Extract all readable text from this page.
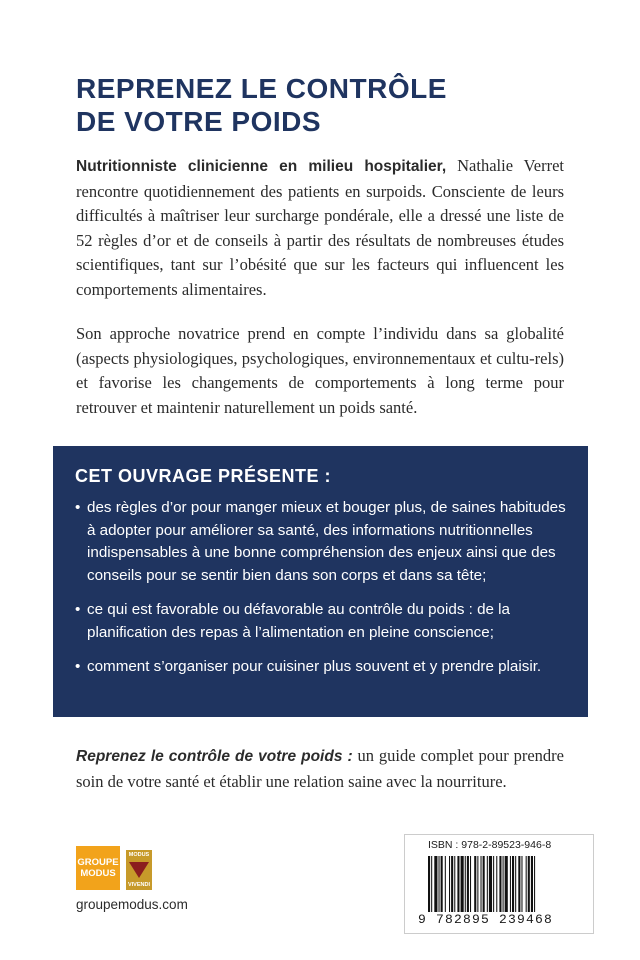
REPRENEZ LE CONTRÔLE
DE VOTRE POIDS

Nutritionniste clinicienne en milieu hospitalier, Nathalie Verret rencontre quotidiennement des patients en surpoids. Consciente de leurs difficultés à maîtriser leur surcharge pondérale, elle a dressé une liste de 52 règles d’or et de conseils à partir des résultats de nombreuses études scientifiques, tant sur l’obésité que sur les facteurs qui influencent les comportements alimentaires.

Son approche novatrice prend en compte l’individu dans sa globalité (aspects physiologiques, psychologiques, environnementaux et cultu-rels) et favorise les changements de comportements à long terme pour retrouver et maintenir naturellement un poids santé.

CET OUVRAGE PRÉSENTE :
• des règles d’or pour manger mieux et bouger plus, de saines habitudes à adopter pour améliorer sa santé, des informations nutritionnelles indispensables à une bonne compréhension des enjeux ainsi que des conseils pour se sentir bien dans son corps et dans sa tête;
• ce qui est favorable ou défavorable au contrôle du poids : de la planification des repas à l’alimentation en pleine conscience;
• comment s’organiser pour cuisiner plus souvent et y prendre plaisir.

Reprenez le contrôle de votre poids : un guide complet pour prendre soin de votre santé et établir une relation saine avec la nourriture.

GROUPE
MODUS
MODUS
VIVENDI
groupemodus.com
ISBN : 978-2-89523-946-8
9 782895 239468
